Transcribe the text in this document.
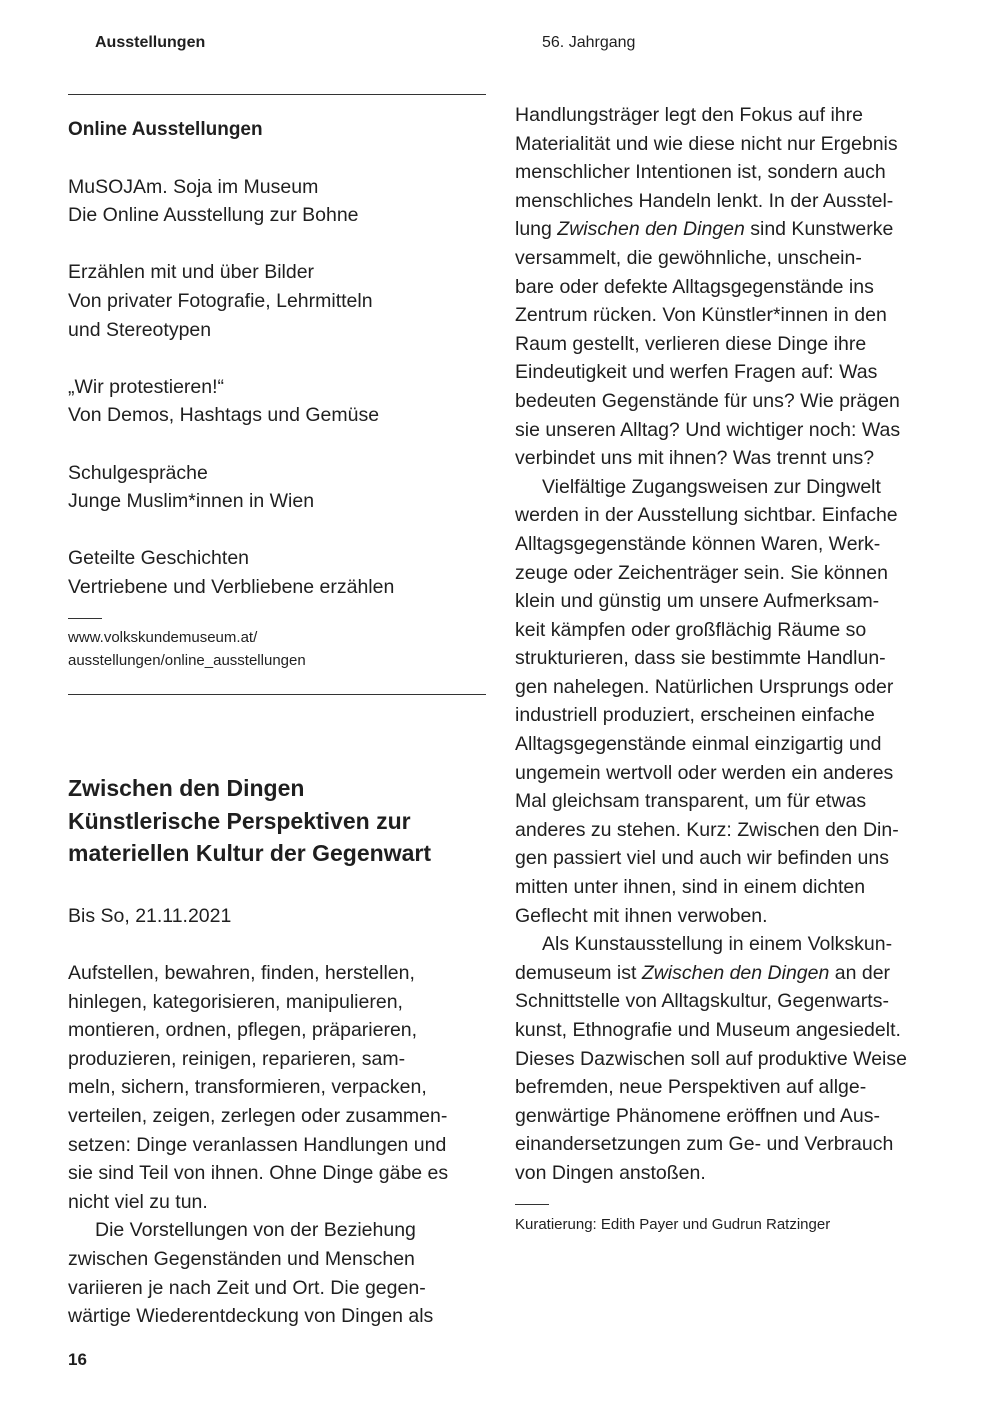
Ausstellungen	56. Jahrgang
Online Ausstellungen
MuSOJAm. Soja im Museum
Die Online Ausstellung zur Bohne
Erzählen mit und über Bilder
Von privater Fotografie, Lehrmitteln
und Stereotypen
„Wir protestieren!“
Von Demos, Hashtags und Gemüse
Schulgespräche
Junge Muslim*innen in Wien
Geteilte Geschichten
Vertriebene und Verbliebene erzählen
www.volkskundemuseum.at/
ausstellungen/online_ausstellungen
Zwischen den Dingen
Künstlerische Perspektiven zur
materiellen Kultur der Gegenwart
Bis So, 21.11.2021
Aufstellen, bewahren, finden, herstellen,
hinlegen, kategorisieren, manipulieren,
montieren, ordnen, pflegen, präparieren,
produzieren, reinigen, reparieren, sam-
meln, sichern, transformieren, verpacken,
verteilen, zeigen, zerlegen oder zusammen-
setzen: Dinge veranlassen Handlungen und
sie sind Teil von ihnen. Ohne Dinge gäbe es
nicht viel zu tun.
Die Vorstellungen von der Beziehung
zwischen Gegenständen und Menschen
variieren je nach Zeit und Ort. Die gegen-
wärtige Wiederentdeckung von Dingen als
Handlungsträger legt den Fokus auf ihre
Materialität und wie diese nicht nur Ergebnis
menschlicher Intentionen ist, sondern auch
menschliches Handeln lenkt. In der Ausstel-
lung Zwischen den Dingen sind Kunstwerke
versammelt, die gewöhnliche, unschein-
bare oder defekte Alltagsgegenstände ins
Zentrum rücken. Von Künstler*innen in den
Raum gestellt, verlieren diese Dinge ihre
Eindeutigkeit und werfen Fragen auf: Was
bedeuten Gegenstände für uns? Wie prägen
sie unseren Alltag? Und wichtiger noch: Was
verbindet uns mit ihnen? Was trennt uns?
Vielfältige Zugangsweisen zur Dingwelt
werden in der Ausstellung sichtbar. Einfache
Alltagsgegenstände können Waren, Werk-
zeuge oder Zeichenträger sein. Sie können
klein und günstig um unsere Aufmerksam-
keit kämpfen oder großflächig Räume so
strukturieren, dass sie bestimmte Handlun-
gen nahelegen. Natürlichen Ursprungs oder
industriell produziert, erscheinen einfache
Alltagsgegenstände einmal einzigartig und
ungemein wertvoll oder werden ein anderes
Mal gleichsam transparent, um für etwas
anderes zu stehen. Kurz: Zwischen den Din-
gen passiert viel und auch wir befinden uns
mitten unter ihnen, sind in einem dichten
Geflecht mit ihnen verwoben.
Als Kunstausstellung in einem Volkskun-
demuseum ist Zwischen den Dingen an der
Schnittstelle von Alltagskultur, Gegenwarts-
kunst, Ethnografie und Museum angesiedelt.
Dieses Dazwischen soll auf produktive Weise
befremden, neue Perspektiven auf allge-
genwärtige Phänomene eröffnen und Aus-
einandersetzungen zum Ge- und Verbrauch
von Dingen anstoßen.
Kuratierung: Edith Payer und Gudrun Ratzinger
16
